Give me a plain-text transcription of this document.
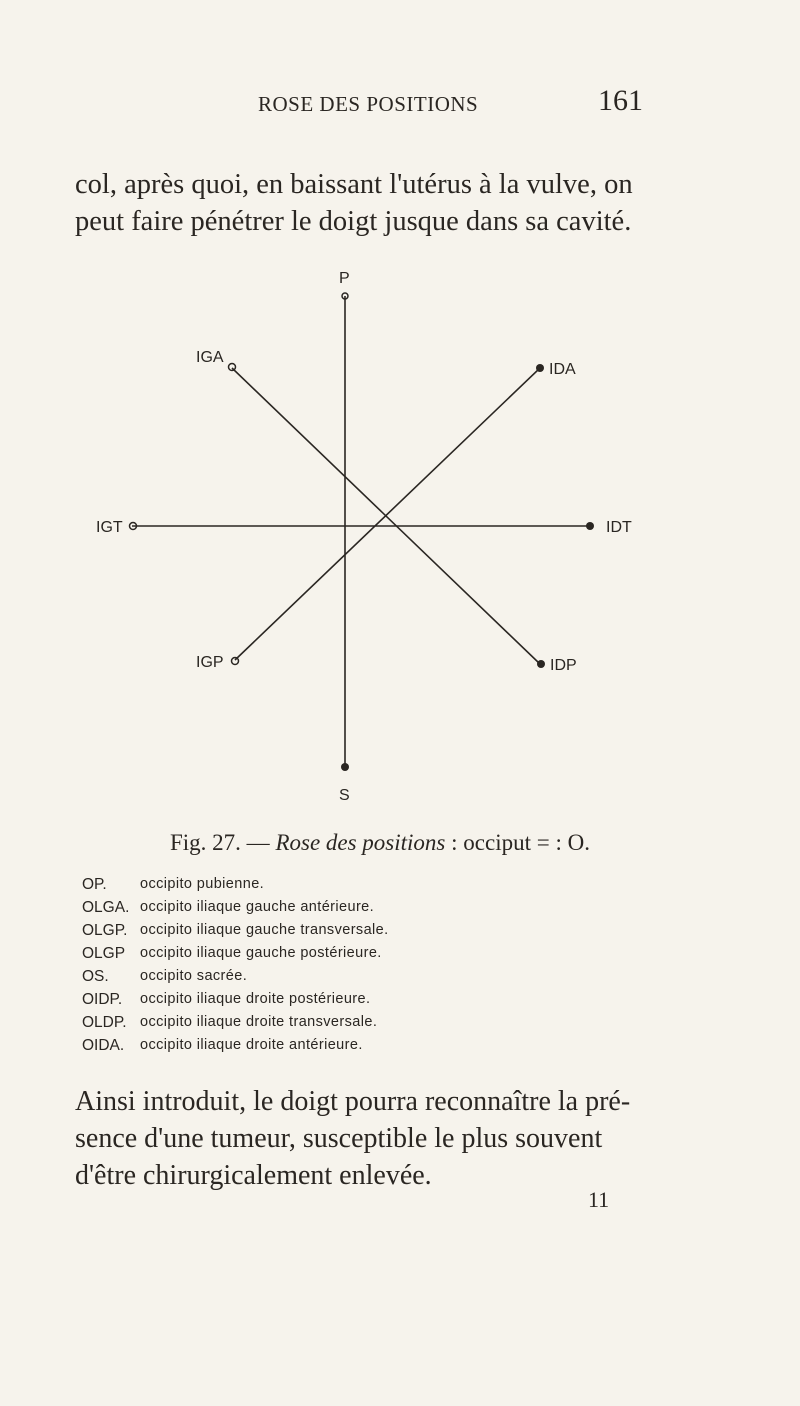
ROSE DES POSITIONS	161

col, après quoi, en baissant l'utérus à la vulve, on
peut faire pénétrer le doigt jusque dans sa cavité.

P
S
IGT	IDT
IGA
IDA
IGP	IDP
Fig. 27. — Rose des positions : occiput = : O.
OP.	occipito pubienne.
OLGA. occipito iliaque gauche antérieure.
OLGP. occipito iliaque gauche transversale.
OLGP	occipito iliaque gauche postérieure.
OS.	occipito sacrée.
OIDP.	occipito iliaque droite postérieure.
OLDP. occipito iliaque droite transversale.
OIDA.	occipito iliaque droite antérieure.

Ainsi introduit, le doigt pourra reconnaître la pré-
sence d'une tumeur, susceptible le plus souvent
d'être chirurgicalement enlevée.

11
